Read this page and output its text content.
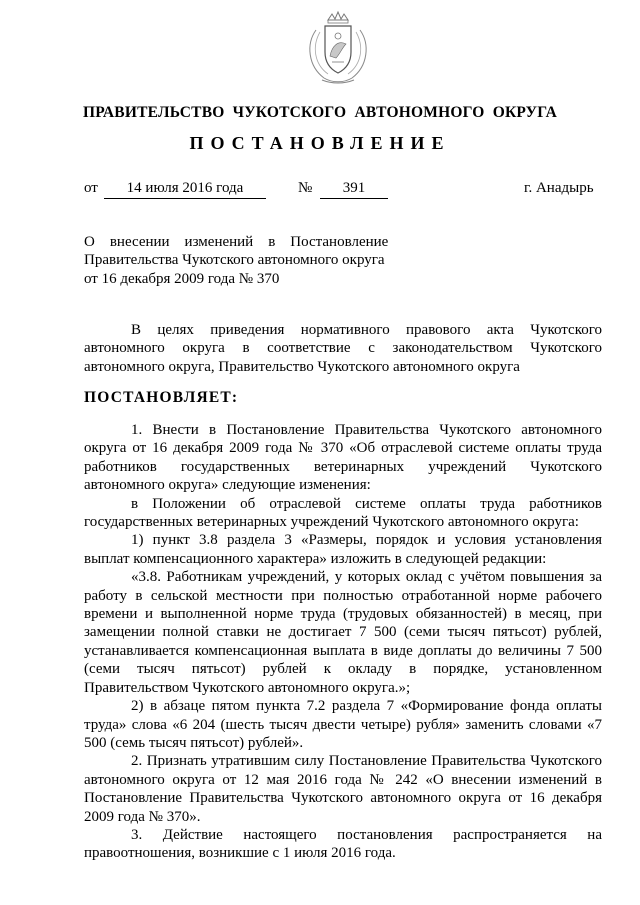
ПРАВИТЕЛЬСТВО  ЧУКОТСКОГО  АВТОНОМНОГО  ОКРУГА
ПОСТАНОВЛЕНИЕ
от	14 июля 2016 года	№	391	г. Анадырь
О    внесении    изменений    в    Постановление
Правительства Чукотского автономного округа
от 16 декабря 2009 года № 370

В целях приведения нормативного правового акта Чукотского автономного округа в соответствие с законодательством Чукотского автономного округа, Правительство Чукотского автономного округа

ПОСТАНОВЛЯЕТ:

1. Внести в Постановление Правительства Чукотского автономного округа от 16 декабря 2009 года № 370 «Об отраслевой системе оплаты труда работников государственных ветеринарных учреждений Чукотского автономного округа» следующие изменения:

в Положении об отраслевой системе оплаты труда работников государственных ветеринарных учреждений Чукотского автономного округа:

1) пункт 3.8 раздела 3 «Размеры, порядок и условия установления выплат компенсационного характера» изложить в следующей редакции:

«3.8. Работникам учреждений, у которых оклад с учётом повышения за работу в сельской местности при полностью отработанной норме рабочего времени и выполненной норме труда (трудовых обязанностей) в месяц, при замещении полной ставки не достигает 7 500 (семи тысяч пятьсот) рублей, устанавливается компенсационная выплата в виде доплаты до величины 7 500 (семи тысяч пятьсот) рублей к окладу в порядке, установленном Правительством Чукотского автономного округа.»;

2) в абзаце пятом пункта 7.2 раздела 7 «Формирование фонда оплаты труда» слова «6 204 (шесть тысяч двести четыре) рубля» заменить словами «7 500 (семь тысяч пятьсот) рублей».

2. Признать утратившим силу Постановление Правительства Чукотского автономного округа от 12 мая 2016 года № 242 «О внесении изменений в Постановление Правительства Чукотского автономного округа от 16 декабря 2009 года № 370».

3. Действие настоящего постановления распространяется на правоотношения, возникшие с 1 июля 2016 года.
